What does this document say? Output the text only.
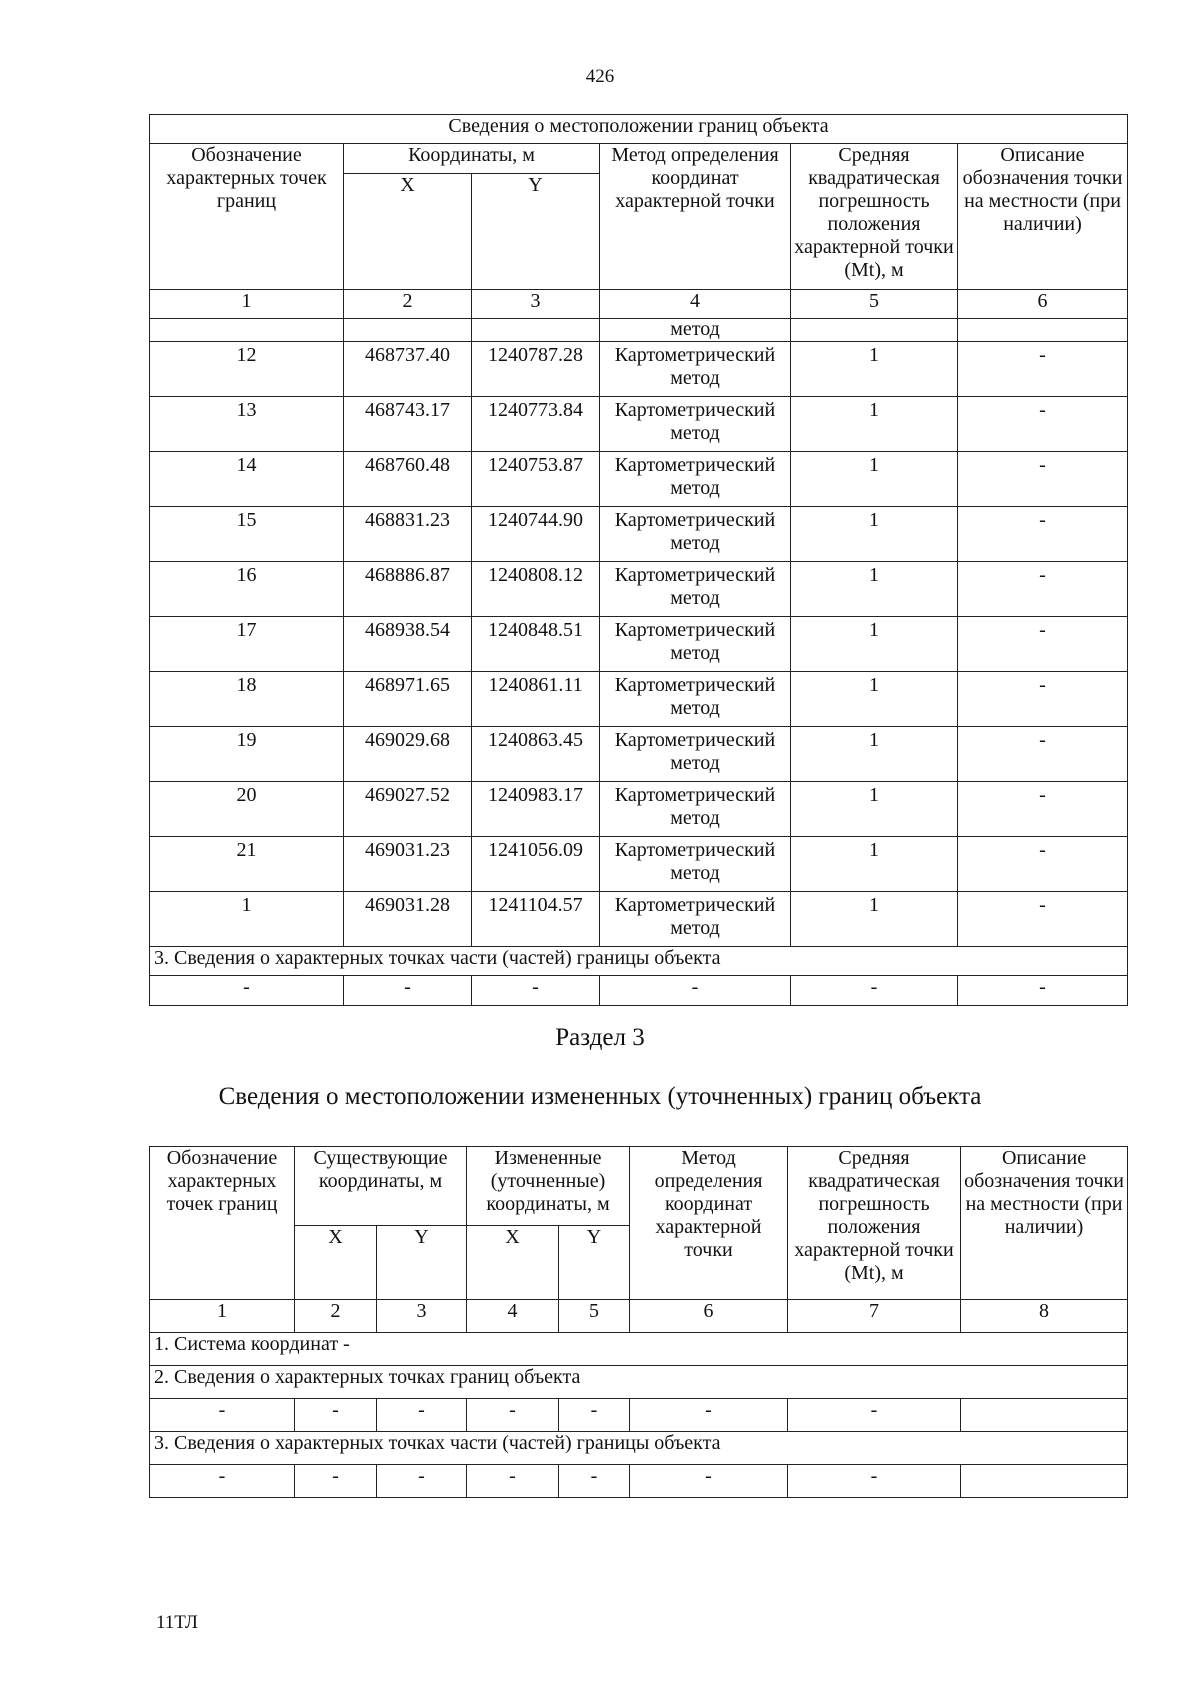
426
Сведения о местоположении границ объекта					
Обозначение характерных точек границ	Координаты, м		Метод определения координат характерной точки	Средняя квадратическая погрешность положения характерной точки (Mt), м	Описание обозначения точки на местности (при наличии)
	X	Y			
1	2	3	4	5	6
			метод		
12	468737.40	1240787.28	Картометрический метод	1	-
13	468743.17	1240773.84	Картометрический метод	1	-
14	468760.48	1240753.87	Картометрический метод	1	-
15	468831.23	1240744.90	Картометрический метод	1	-
16	468886.87	1240808.12	Картометрический метод	1	-
17	468938.54	1240848.51	Картометрический метод	1	-
18	468971.65	1240861.11	Картометрический метод	1	-
19	469029.68	1240863.45	Картометрический метод	1	-
20	469027.52	1240983.17	Картометрический метод	1	-
21	469031.23	1241056.09	Картометрический метод	1	-
1	469031.28	1241104.57	Картометрический метод	1	-
3. Сведения о характерных точках части (частей) границы объекта					
-	-	-	-	-	-
Раздел 3
Сведения о местоположении измененных (уточненных) границ объекта
Обозначение характерных точек границ	Существующие координаты, м		Измененные (уточненные) координаты, м		Метод определения координат характерной точки	Средняя квадратическая погрешность положения характерной точки (Mt), м	Описание обозначения точки на местности (при наличии)
	X	Y	X	Y			
1	2	3	4	5	6	7	8
1. Система координат -							
2. Сведения о характерных точках границ объекта							
-	-	-	-	-	-	-	
3. Сведения о характерных точках части (частей) границы объекта							
-	-	-	-	-	-	-	
11ТЛ
